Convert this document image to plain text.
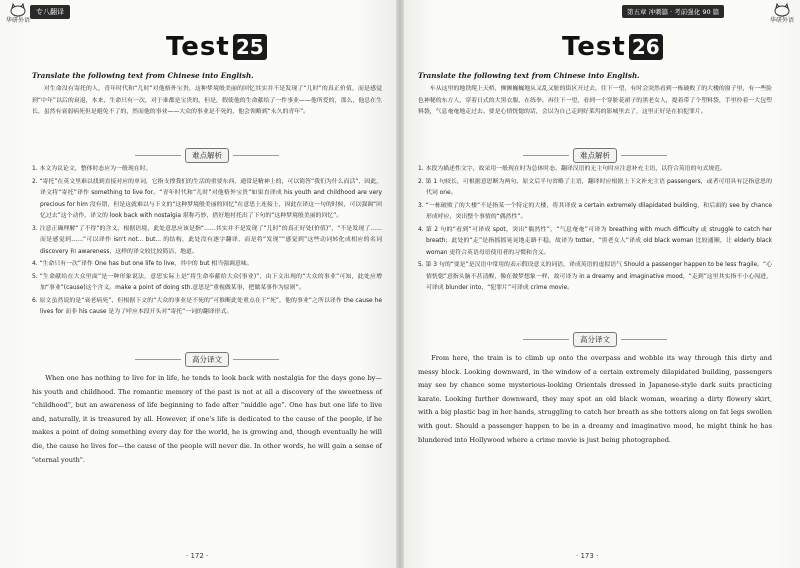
华研外语
专八翻译
Test 25
Translate the following text from Chinese into English.
对生命没有寄托的人，青年时代和“儿时”对他格外宝贵，这种梦境般美丽的回忆其实并不是发现了“儿时”的真正价值，而是感觉到“中年”以后的衰退，本来，生命只有一次，对于谁都是宝贵的，但是，假使他的生命献给了一件事业——他所爱的，那么，他总在生长，虽然有衰弱病死但是避免不了的，然而他的事业——大众的事业是不死的，他会领略到“永久的青年”。
难点解析

1. 本文为议论文，整体时态应为一般现在时。

2. “寄托”在英文里难以找到直接对应的单词，它指支撑我们的生活的重要东西，通常是精神上的，可以简答“我们为什么而活”，因此，译文将“寄托”译作 something to live for。“青年时代和“儿时”对他格外宝贵”如果直译成 his youth and childhood are very precious for him 没有错，但是这就难以与下文的“这种梦境般美丽的回忆”在意思上连接上，因此在译这一句的时候，可以强调“回忆过去”这个动作，译文的 look back with nostalgia 堪称巧妙，借好地衬托出了下句的“这种梦境般美丽的回忆”。

3. 注意正确理解“了不得”的含义，根据语境，此处意思应该是指“……其实并不是发现了“儿时”的真正好处(价值)”，“不是发现了……而是感觉到……”可以译作 isn't not... but... 的结构，此处没有逐字翻译，而是将“发现”“感觉到”这些动词转化成相应的名词 discovery 和 awareness，这样的译文较比较简洁、地道。

4. “生命只有一次”译作 One has but one life to live，其中的 but 相当强调意味。

5. “生命献给在大众里面”是一种形象说法，意思实际上是“将生命奉献给大众(事业)”，由下文出现的“大众的事业”可知，此处应增加“事业”(cause)这个含义。make a point of doing sth.意思是“重视做某事，把做某事作为原则”。

6. 原文虽然说的是“衰老病死”，但根据下文的“大众的事业是不死的”可推断此处重点在于“死”，他的事业“之所以译作 the cause he lives for 而非 his cause 是为了呼应本段开头对“寄托”一词的翻译形式。

高分译文
When one has nothing to live for in life, he tends to look back with nostalgia for the days gone by—his youth and childhood. The romantic memory of the past is not at all a discovery of the sweetness of "childhood", but an awareness of life beginning to fade after "middle age". One has but one life to live and, naturally, it is treasured by all. However, if one's life is dedicated to the cause of the people, if he makes a point of doing something every day for the world, he is growing and, though eventually he will die, the cause he lives for—the cause of the people will never die. In other words, he will gain a sense of "eternal youth".
· 172 ·
第五章 冲刺篇 · 考前强化 90 篇
华研外语
Test 26
Translate the following text from Chinese into English.
车从这里的地铁爬上天桥，颤颤巍巍地从又乱又脏的街区开过去，往下一望，有时会突然看到一栋破败了的大楼的窗子里，有一些脸色神秘的东方人，穿着日式的大黑衣服，在练拳。再往下一望，看到一个穿脏花裙子的黑老女人，提着带了个塑料袋，手里拎着一大包塑料袋，气息奄奄地走过去。要是心情恍惚的话，会以为自己走到好莱坞的影城里去了，这里正好是在拍犯罪片。
难点解析

1. 本段为描述性文字，故采用一般现在时为总体时态，翻译汉语的无主句时应注意补充主语，以符合英语的句式规范。

2. 第 1 句较长，可根据意思断为两句，原文后半句省略了主语，翻译时应根据上下文补充主语 passengers，或者可用具有泛指意思的代词 one。

3. “一栋破败了的大楼”不是指某一个特定的大楼，将其译成 a certain extremely dilapidated building，和后面的 see by chance 形成呼应，突出整个事情的“偶然性”。

4. 第 2 句的“看到”可译成 spot，突出“偶然性”，“气息奄奄”可译为 breathing with much difficulty 或 struggle to catch her breath；此处的“走”是指摇摇晃晃地走路不稳，故译为 totter，“黑老女人”译成 old black woman 比较通顺，让 elderly black woman 更符合英语母语使用者的习惯和含义。

5. 第 3 句的“要是”是汉语中常用的表示假设意义的词语，译成英语的虚拟语气 Should a passenger happen to be less fragile。“心情恍惚”意指头脑不甚清醒，像在做梦想象一样，故可译为 in a dreamy and imaginative mood，“走到”这里其实指不小心闯进，可译成 blunder into，“犯罪片”可译成 crime movie。

高分译文
From here, the train is to climb up onto the overpass and wobble its way through this dirty and messy block. Looking downward, in the window of a certain extremely dilapidated building, passengers may see by chance some mysterious-looking Orientals dressed in Japanese-style dark suits practicing karate. Looking further downward, they may spot an old black woman, wearing a dirty flowery skirt, with a big plastic bag in her hands, struggling to catch her breath as she totters along on fat legs swollen with gout. Should a passenger happen to be in a dreamy and imaginative mood, he might think he has blundered into Hollywood where a crime movie is just being photographed.
· 173 ·
